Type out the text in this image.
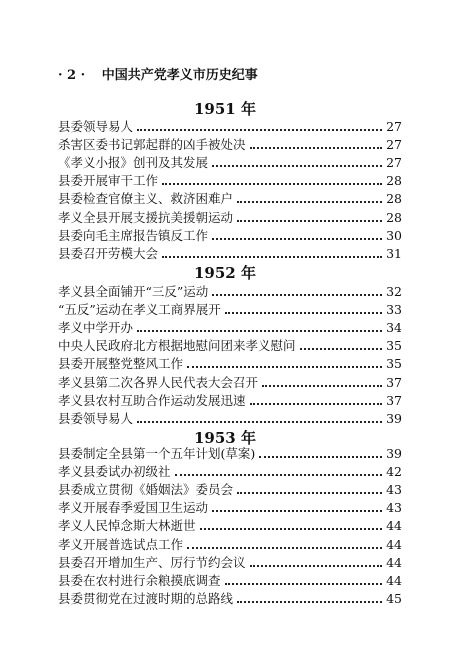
· 2 · 中国共产党孝义市历史纪事
1951 年
县委领导易人	27
杀害区委书记郭起群的凶手被处决	27
《孝义小报》创刊及其发展	27
县委开展审干工作	28
县委检查官僚主义、救济困难户	28
孝义全县开展支援抗美援朝运动	28
县委向毛主席报告镇反工作	30
县委召开劳模大会	31
1952 年
孝义县全面铺开“三反”运动	32
“五反”运动在孝义工商界展开	33
孝义中学开办	34
中央人民政府北方根据地慰问团来孝义慰问	35
县委开展整党整风工作	35
孝义县第二次各界人民代表大会召开	37
孝义县农村互助合作运动发展迅速	37
县委领导易人	39
1953 年
县委制定全县第一个五年计划(草案)	39
孝义县委试办初级社	42
县委成立贯彻《婚姻法》委员会	43
孝义开展春季爱国卫生运动	43
孝义人民悼念斯大林逝世	44
孝义开展普选试点工作	44
县委召开增加生产、厉行节约会议	44
县委在农村进行余粮摸底调查	44
县委贯彻党在过渡时期的总路线	45
